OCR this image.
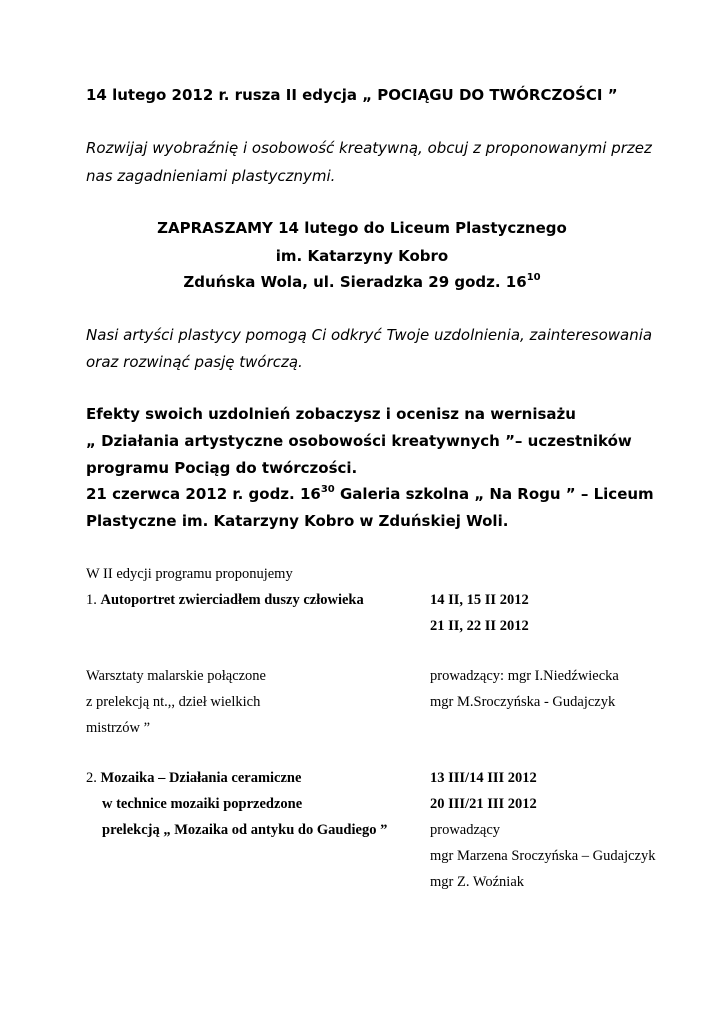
14 lutego 2012 r. rusza II edycja „ POCIĄGU DO TWÓRCZOŚCI ”
Rozwijaj wyobraźnię i osobowość kreatywną, obcuj z proponowanymi przez
nas zagadnieniami plastycznymi.
ZAPRASZAMY 14 lutego do Liceum Plastycznego
im. Katarzyny Kobro
Zduńska Wola, ul. Sieradzka 29 godz. $16^{10}$
Nasi artyści plastycy pomogą Ci odkryć Twoje uzdolnienia, zainteresowania
oraz rozwinąć pasję twórczą.
Efekty swoich uzdolnień zobaczysz i ocenisz na wernisażu
„ Działania artystyczne osobowości kreatywnych ”– uczestników
programu Pociąg do twórczości.
21 czerwca 2012 r. godz. $16^{30}$ Galeria szkolna „ Na Rogu ” – Liceum
Plastyczne im. Katarzyny Kobro w Zduńskiej Woli.
W II edycji programu proponujemy
1. Autoportret zwierciadłem duszy człowieka	14 II, 15 II 2012
21 II, 22 II 2012
Warsztaty malarskie połączone
z prelekcją nt.,, dzieł wielkich
mistrzów ”
prowadzący: mgr I.Niedźwiecka
mgr M.Sroczyńska - Gudajczyk
2. Mozaika – Działania ceramiczne
w technice mozaiki poprzedzone
prelekcją „ Mozaika od antyku do Gaudiego ”
13 III/14 III 2012
20 III/21 III 2012
prowadzący
mgr Marzena Sroczyńska – Gudajczyk
mgr Z. Woźniak
